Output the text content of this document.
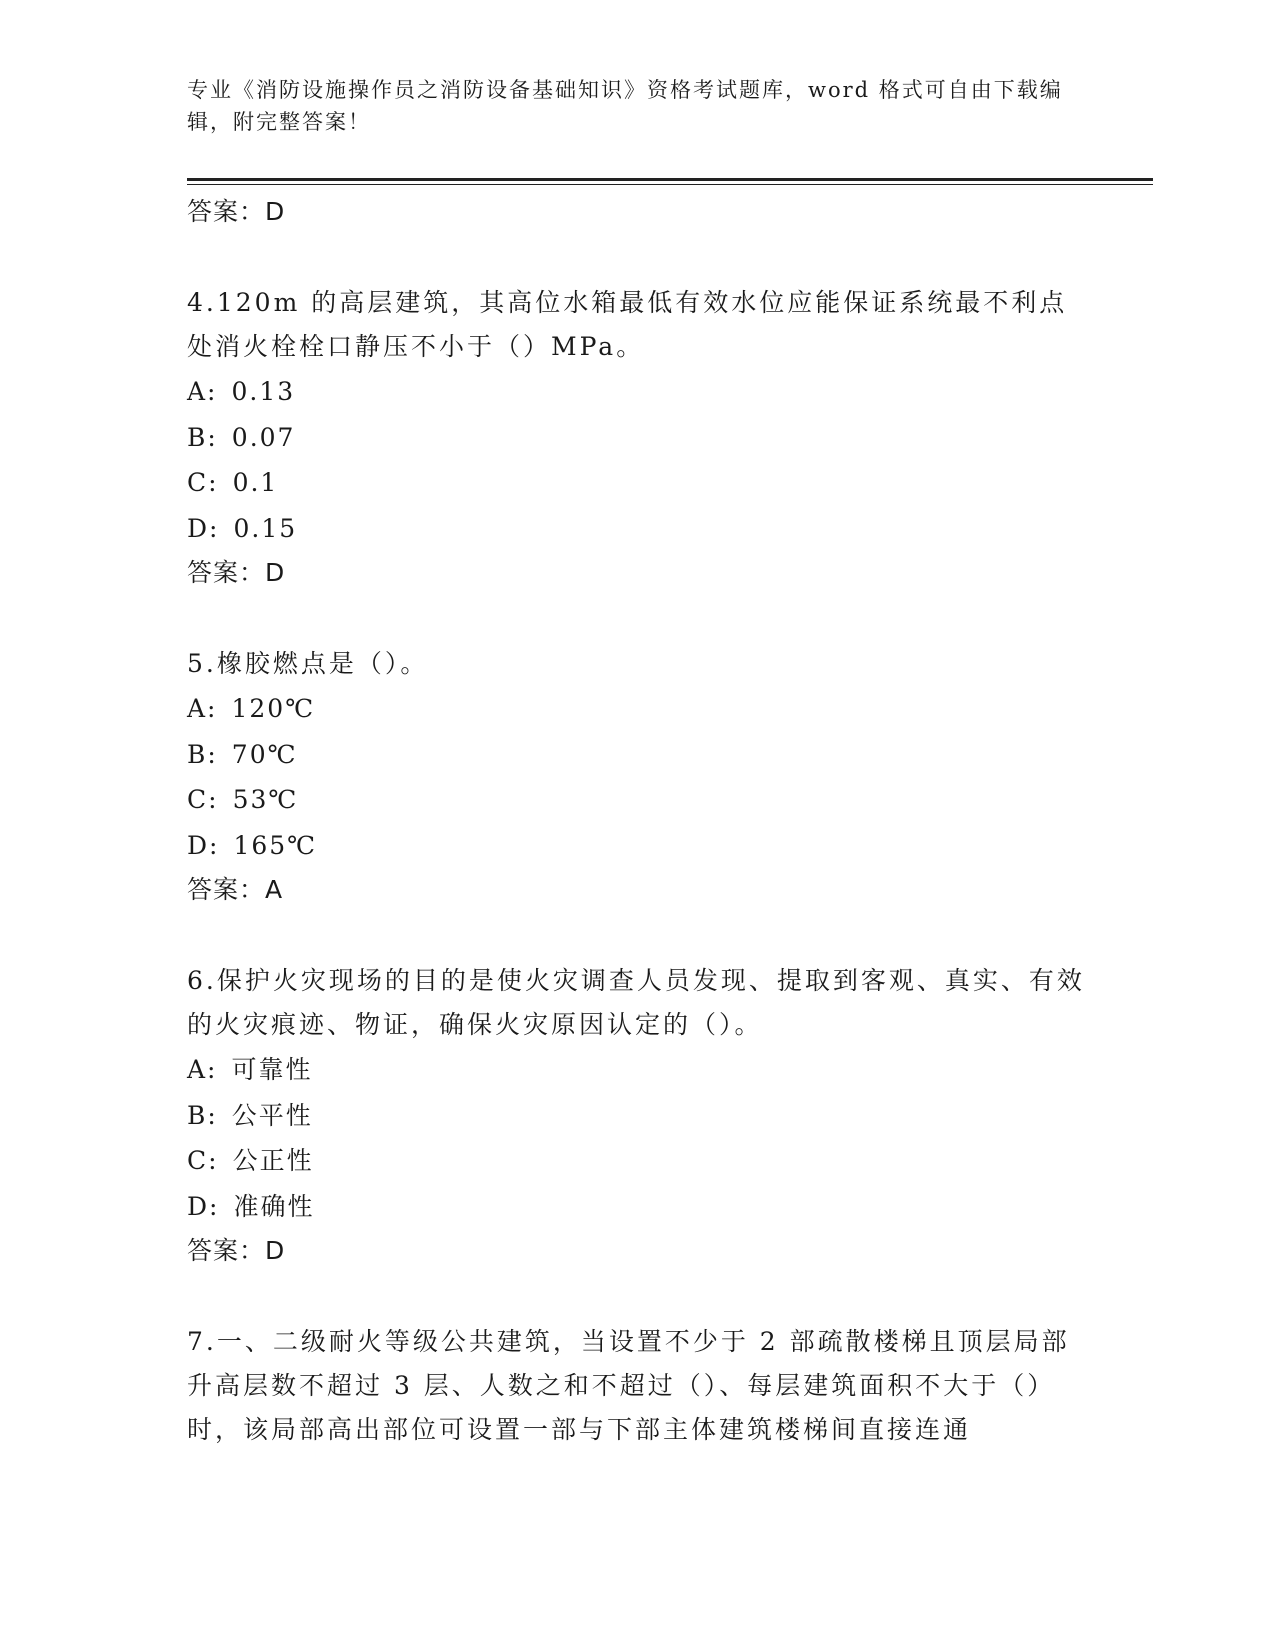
专业《消防设施操作员之消防设备基础知识》资格考试题库，word 格式可自由下载编辑，附完整答案！
答案：D
4.120m 的高层建筑，其高位水箱最低有效水位应能保证系统最不利点处消火栓栓口静压不小于（）MPa。
A: 0.13
B: 0.07
C: 0.1
D: 0.15
答案：D
5.橡胶燃点是（）。
A: 120℃
B: 70℃
C: 53℃
D: 165℃
答案：A
6.保护火灾现场的目的是使火灾调查人员发现、提取到客观、真实、有效的火灾痕迹、物证，确保火灾原因认定的（）。
A: 可靠性
B: 公平性
C: 公正性
D: 准确性
答案：D
7.一、二级耐火等级公共建筑，当设置不少于 2 部疏散楼梯且顶层局部升高层数不超过 3 层、人数之和不超过（）、每层建筑面积不大于（）时，该局部高出部位可设置一部与下部主体建筑楼梯间直接连通
